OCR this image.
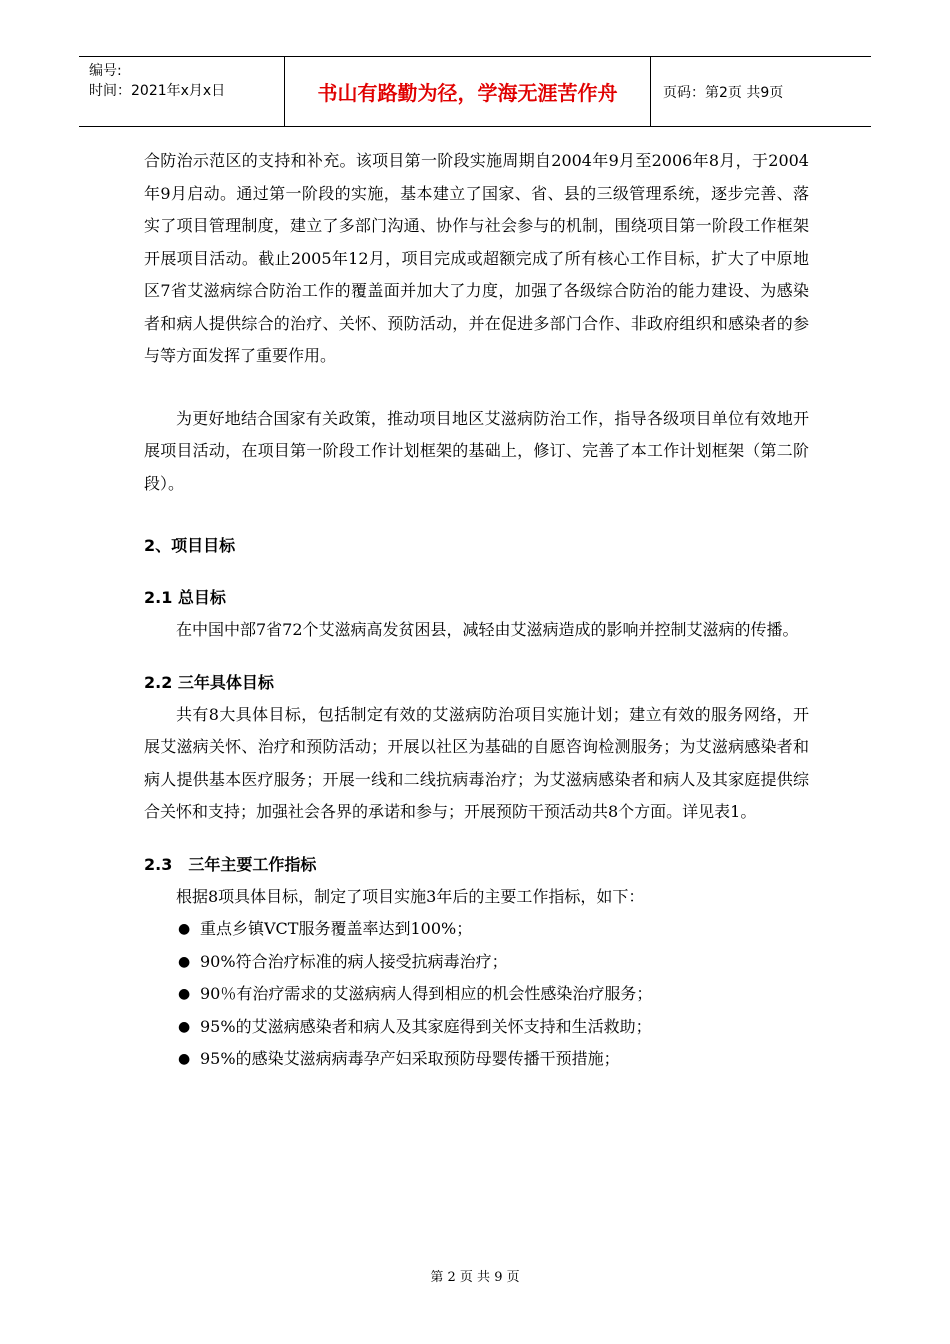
编号:
时间：2021年x月x日	书山有路勤为径，学海无涯苦作舟	页码：第2页 共9页

合防治示范区的支持和补充。该项目第一阶段实施周期自2004年9月至2006年8月，于2004年9月启动。通过第一阶段的实施，基本建立了国家、省、县的三级管理系统，逐步完善、落实了项目管理制度，建立了多部门沟通、协作与社会参与的机制，围绕项目第一阶段工作框架开展项目活动。截止2005年12月，项目完成或超额完成了所有核心工作目标，扩大了中原地区7省艾滋病综合防治工作的覆盖面并加大了力度，加强了各级综合防治的能力建设、为感染者和病人提供综合的治疗、关怀、预防活动，并在促进多部门合作、非政府组织和感染者的参与等方面发挥了重要作用。

为更好地结合国家有关政策，推动项目地区艾滋病防治工作，指导各级项目单位有效地开展项目活动，在项目第一阶段工作计划框架的基础上，修订、完善了本工作计划框架（第二阶段）。

2、项目目标
2.1 总目标

在中国中部7省72个艾滋病高发贫困县，减轻由艾滋病造成的影响并控制艾滋病的传播。

2.2 三年具体目标

共有8大具体目标，包括制定有效的艾滋病防治项目实施计划；建立有效的服务网络，开展艾滋病关怀、治疗和预防活动；开展以社区为基础的自愿咨询检测服务；为艾滋病感染者和病人提供基本医疗服务；开展一线和二线抗病毒治疗；为艾滋病感染者和病人及其家庭提供综合关怀和支持；加强社会各界的承诺和参与；开展预防干预活动共8个方面。详见表1。

2.3　三年主要工作指标

根据8项具体目标，制定了项目实施3年后的主要工作指标，如下：

● 重点乡镇VCT服务覆盖率达到100%；
● 90%符合治疗标准的病人接受抗病毒治疗；
● 90％有治疗需求的艾滋病病人得到相应的机会性感染治疗服务；
● 95%的艾滋病感染者和病人及其家庭得到关怀支持和生活救助；
● 95%的感染艾滋病病毒孕产妇采取预防母婴传播干预措施；
第 2 页 共 9 页
